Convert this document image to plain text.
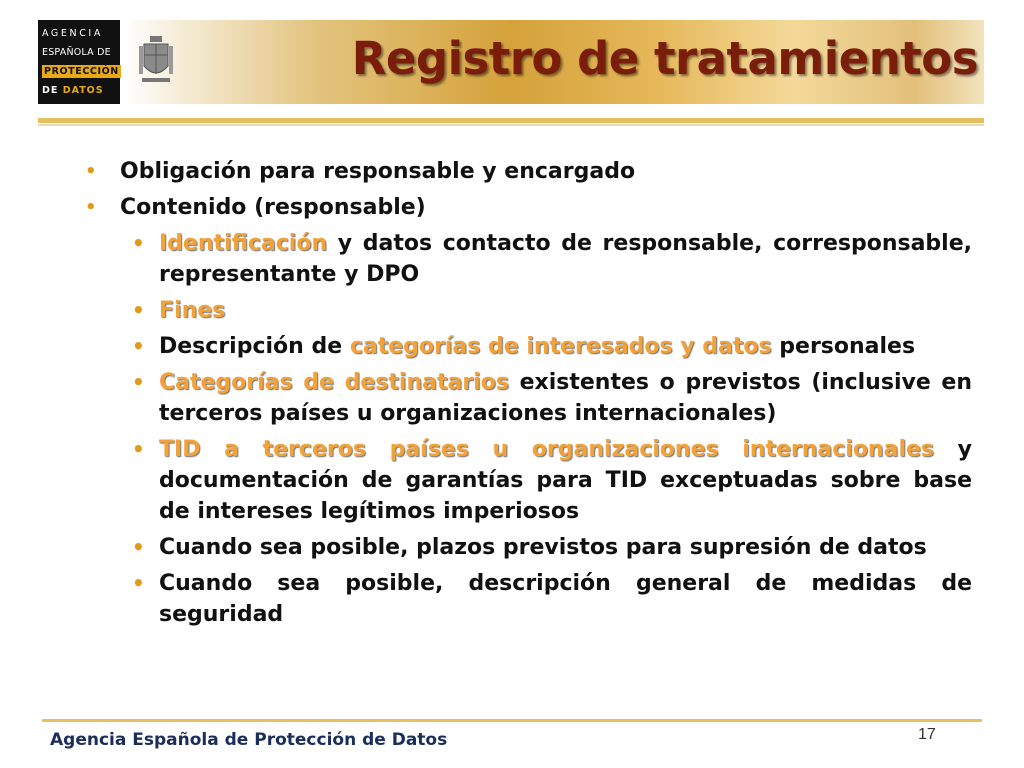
AGENCIA
ESPAÑOLA DE
PROTECCIÓN
DE DATOS
Registro de tratamientos
• Obligación para responsable y encargado
• Contenido (responsable)
• Identificación y datos contacto de responsable, corresponsable, representante y DPO
• Fines
• Descripción de categorías de interesados y datos personales
• Categorías de destinatarios existentes o previstos (inclusive en terceros países u organizaciones internacionales)
• TID a terceros países u organizaciones internacionales y documentación de garantías para TID exceptuadas sobre base de intereses legítimos imperiosos
• Cuando sea posible, plazos previstos para supresión de datos
• Cuando sea posible, descripción general de medidas de seguridad
Agencia Española de Protección de Datos	17
